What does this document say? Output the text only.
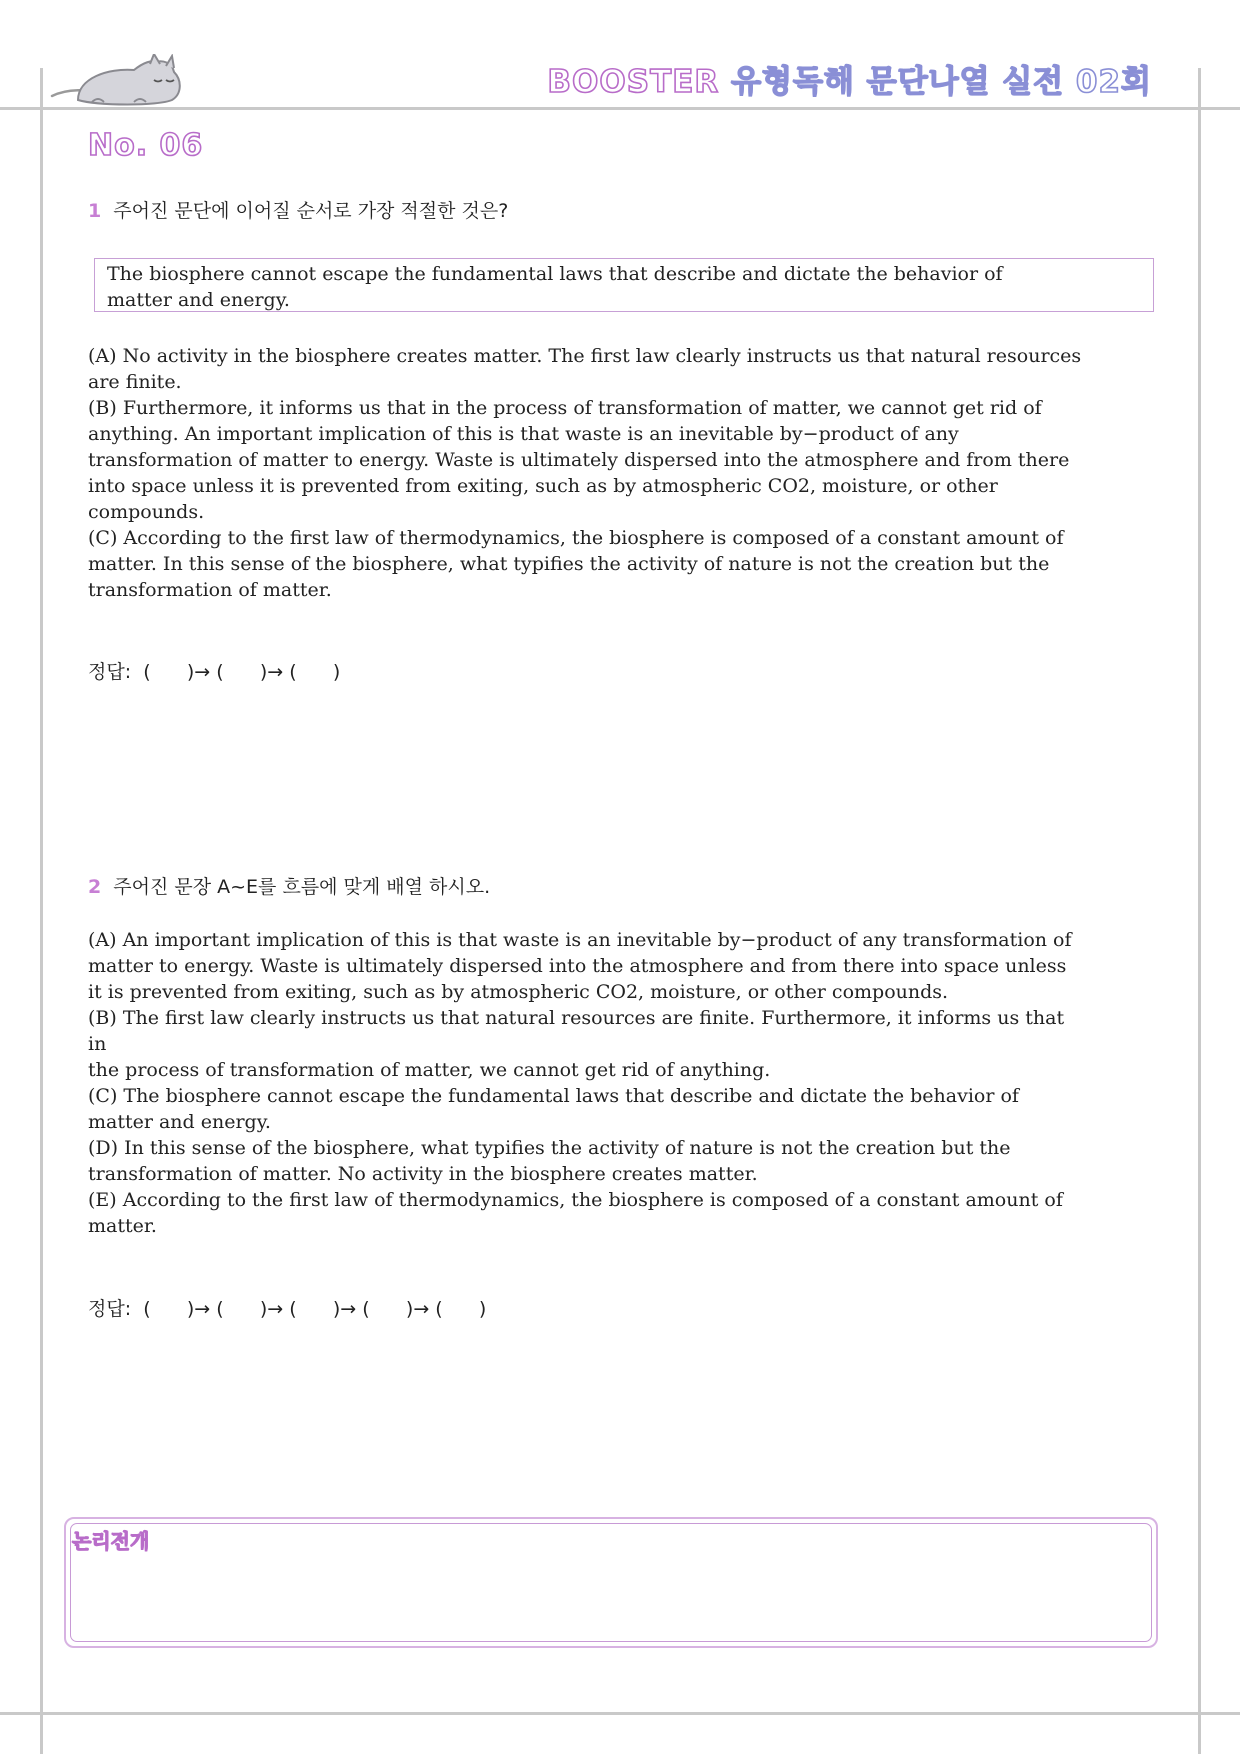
BOOSTER 유형독해 문단나열 실전 02회
No. 06
1 주어진 문단에 이어질 순서로 가장 적절한 것은?
The biosphere cannot escape the fundamental laws that describe and dictate the behavior of
matter and energy.

(A) No activity in the biosphere creates matter. The first law clearly instructs us that natural resources

are finite.

(B) Furthermore, it informs us that in the process of transformation of matter, we cannot get rid of

anything. An important implication of this is that waste is an inevitable by−product of any

transformation of matter to energy. Waste is ultimately dispersed into the atmosphere and from there

into space unless it is prevented from exiting, such as by atmospheric CO2, moisture, or other

compounds.

(C) According to the first law of thermodynamics, the biosphere is composed of a constant amount of

matter. In this sense of the biosphere, what typifies the activity of nature is not the creation but the

transformation of matter.

정답:  (      )→ (      )→ (      )
2 주어진 문장 A~E를 흐름에 맞게 배열 하시오.

(A) An important implication of this is that waste is an inevitable by−product of any transformation of

matter to energy. Waste is ultimately dispersed into the atmosphere and from there into space unless

it is prevented from exiting, such as by atmospheric CO2, moisture, or other compounds.

(B) The first law clearly instructs us that natural resources are finite. Furthermore, it informs us that

in

the process of transformation of matter, we cannot get rid of anything.

(C) The biosphere cannot escape the fundamental laws that describe and dictate the behavior of

matter and energy.

(D) In this sense of the biosphere, what typifies the activity of nature is not the creation but the

transformation of matter. No activity in the biosphere creates matter.

(E) According to the first law of thermodynamics, the biosphere is composed of a constant amount of

matter.

정답:  (      )→ (      )→ (      )→ (      )→ (      )
논리전개
